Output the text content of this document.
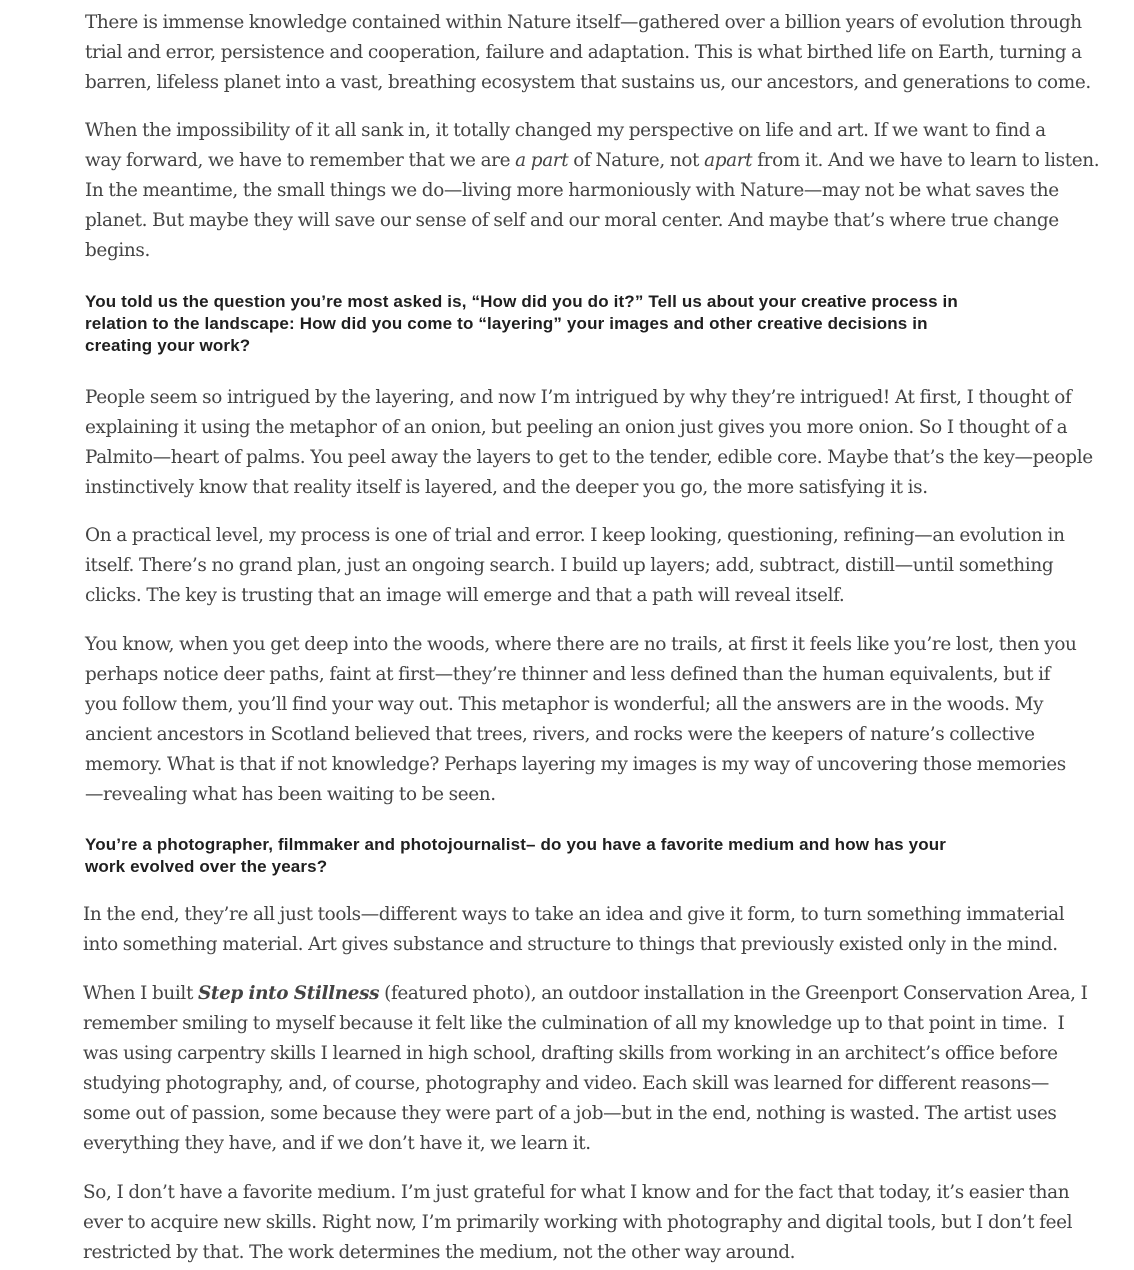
There is immense knowledge contained within Nature itself—gathered over a billion years of evolution through
trial and error, persistence and cooperation, failure and adaptation. This is what birthed life on Earth, turning a
barren, lifeless planet into a vast, breathing ecosystem that sustains us, our ancestors, and generations to come.

When the impossibility of it all sank in, it totally changed my perspective on life and art. If we want to find a
way forward, we have to remember that we are a part of Nature, not apart from it. And we have to learn to listen.
In the meantime, the small things we do—living more harmoniously with Nature—may not be what saves the
planet. But maybe they will save our sense of self and our moral center. And maybe that’s where true change
begins.

You told us the question you’re most asked is, “How did you do it?” Tell us about your creative process in
relation to the landscape: How did you come to “layering” your images and other creative decisions in
creating your work?

People seem so intrigued by the layering, and now I’m intrigued by why they’re intrigued! At first, I thought of
explaining it using the metaphor of an onion, but peeling an onion just gives you more onion. So I thought of a
Palmito—heart of palms. You peel away the layers to get to the tender, edible core. Maybe that’s the key—people
instinctively know that reality itself is layered, and the deeper you go, the more satisfying it is.

On a practical level, my process is one of trial and error. I keep looking, questioning, refining—an evolution in
itself. There’s no grand plan, just an ongoing search. I build up layers; add, subtract, distill—until something
clicks. The key is trusting that an image will emerge and that a path will reveal itself.

You know, when you get deep into the woods, where there are no trails, at first it feels like you’re lost, then you
perhaps notice deer paths, faint at first—they’re thinner and less defined than the human equivalents, but if
you follow them, you’ll find your way out. This metaphor is wonderful; all the answers are in the woods. My
ancient ancestors in Scotland believed that trees, rivers, and rocks were the keepers of nature’s collective
memory. What is that if not knowledge? Perhaps layering my images is my way of uncovering those memories
—revealing what has been waiting to be seen.

You’re a photographer, filmmaker and photojournalist– do you have a favorite medium and how has your
work evolved over the years?

In the end, they’re all just tools—different ways to take an idea and give it form, to turn something immaterial
into something material. Art gives substance and structure to things that previously existed only in the mind.

When I built Step into Stillness (featured photo), an outdoor installation in the Greenport Conservation Area, I
remember smiling to myself because it felt like the culmination of all my knowledge up to that point in time.  I
was using carpentry skills I learned in high school, drafting skills from working in an architect’s office before
studying photography, and, of course, photography and video. Each skill was learned for different reasons—
some out of passion, some because they were part of a job—but in the end, nothing is wasted. The artist uses
everything they have, and if we don’t have it, we learn it.

So, I don’t have a favorite medium. I’m just grateful for what I know and for the fact that today, it’s easier than
ever to acquire new skills. Right now, I’m primarily working with photography and digital tools, but I don’t feel
restricted by that. The work determines the medium, not the other way around.
